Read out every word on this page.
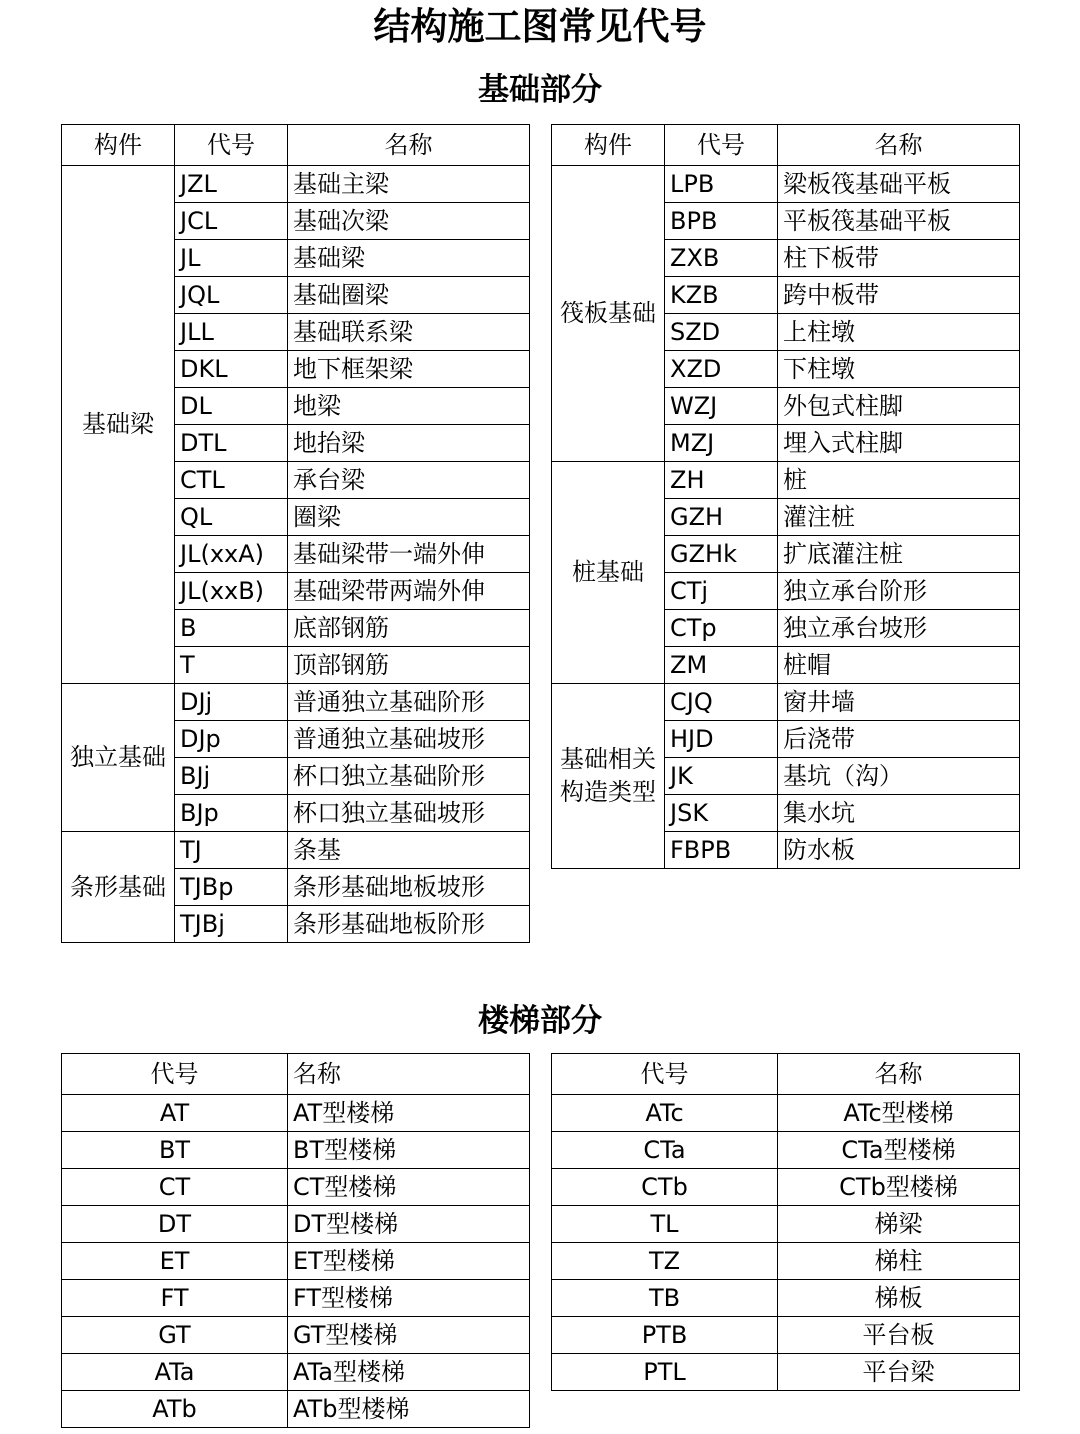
结构施工图常见代号
基础部分
构件	代号	名称
基础梁	JZL	基础主梁
	JCL	基础次梁
	JL	基础梁
	JQL	基础圈梁
	JLL	基础联系梁
	DKL	地下框架梁
	DL	地梁
	DTL	地抬梁
	CTL	承台梁
	QL	圈梁
	JL(xxA)	基础梁带一端外伸
	JL(xxB)	基础梁带两端外伸
	B	底部钢筋
	T	顶部钢筋
独立基础	DJj	普通独立基础阶形
	DJp	普通独立基础坡形
	BJj	杯口独立基础阶形
	BJp	杯口独立基础坡形
条形基础	TJ	条基
	TJBp	条形基础地板坡形
	TJBj	条形基础地板阶形
构件	代号	名称
筏板基础	LPB	梁板筏基础平板
	BPB	平板筏基础平板
	ZXB	柱下板带
	KZB	跨中板带
	SZD	上柱墩
	XZD	下柱墩
	WZJ	外包式柱脚
	MZJ	埋入式柱脚
桩基础	ZH	桩
	GZH	灌注桩
	GZHk	扩底灌注桩
	CTj	独立承台阶形
	CTp	独立承台坡形
	ZM	桩帽
基础相关构造类型	CJQ	窗井墙
	HJD	后浇带
	JK	基坑（沟）
	JSK	集水坑
	FBPB	防水板
楼梯部分
代号	名称
AT	AT型楼梯
BT	BT型楼梯
CT	CT型楼梯
DT	DT型楼梯
ET	ET型楼梯
FT	FT型楼梯
GT	GT型楼梯
ATa	ATa型楼梯
ATb	ATb型楼梯
代号	名称
ATc	ATc型楼梯
CTa	CTa型楼梯
CTb	CTb型楼梯
TL	梯梁
TZ	梯柱
TB	梯板
PTB	平台板
PTL	平台梁
